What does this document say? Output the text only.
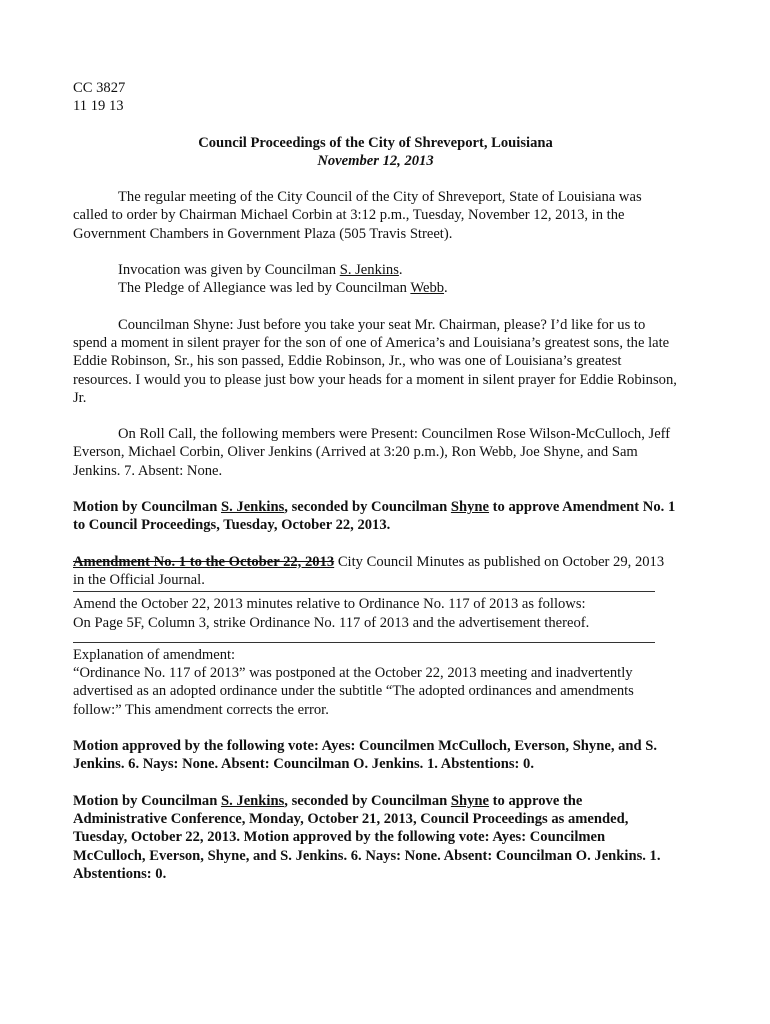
CC 3827

11 19 13

Council Proceedings of the City of Shreveport, Louisiana

November 12, 2013

The regular meeting of the City Council of the City of Shreveport, State of Louisiana was called to order by Chairman Michael Corbin at 3:12 p.m., Tuesday, November 12, 2013, in the Government Chambers in Government Plaza (505 Travis Street).

Invocation was given by Councilman S. Jenkins.

The Pledge of Allegiance was led by Councilman Webb.

Councilman Shyne: Just before you take your seat Mr. Chairman, please? I’d like for us to spend a moment in silent prayer for the son of one of America’s and Louisiana’s greatest sons, the late Eddie Robinson, Sr., his son passed, Eddie Robinson, Jr., who was one of Louisiana’s greatest resources. I would you to please just bow your heads for a moment in silent prayer for Eddie Robinson, Jr.

On Roll Call, the following members were Present: Councilmen Rose Wilson-McCulloch, Jeff Everson, Michael Corbin, Oliver Jenkins (Arrived at 3:20 p.m.), Ron Webb, Joe Shyne, and Sam Jenkins. 7. Absent: None.

Motion by Councilman S. Jenkins, seconded by Councilman Shyne to approve Amendment No. 1 to Council Proceedings, Tuesday, October 22, 2013.

Amendment No. 1 to the October 22, 2013 City Council Minutes as published on October 29, 2013 in the Official Journal.

Amend the October 22, 2013 minutes relative to Ordinance No. 117 of 2013 as follows:

On Page 5F, Column 3, strike Ordinance No. 117 of 2013 and the advertisement thereof.

Explanation of amendment:

“Ordinance No. 117 of 2013” was postponed at the October 22, 2013 meeting and inadvertently advertised as an adopted ordinance under the subtitle “The adopted ordinances and amendments follow:” This amendment corrects the error.

Motion approved by the following vote: Ayes: Councilmen McCulloch, Everson, Shyne, and S. Jenkins. 6. Nays: None. Absent: Councilman O. Jenkins. 1. Abstentions: 0.

Motion by Councilman S. Jenkins, seconded by Councilman Shyne to approve the Administrative Conference, Monday, October 21, 2013, Council Proceedings as amended, Tuesday, October 22, 2013. Motion approved by the following vote: Ayes: Councilmen McCulloch, Everson, Shyne, and S. Jenkins. 6. Nays: None. Absent: Councilman O. Jenkins. 1. Abstentions: 0.
